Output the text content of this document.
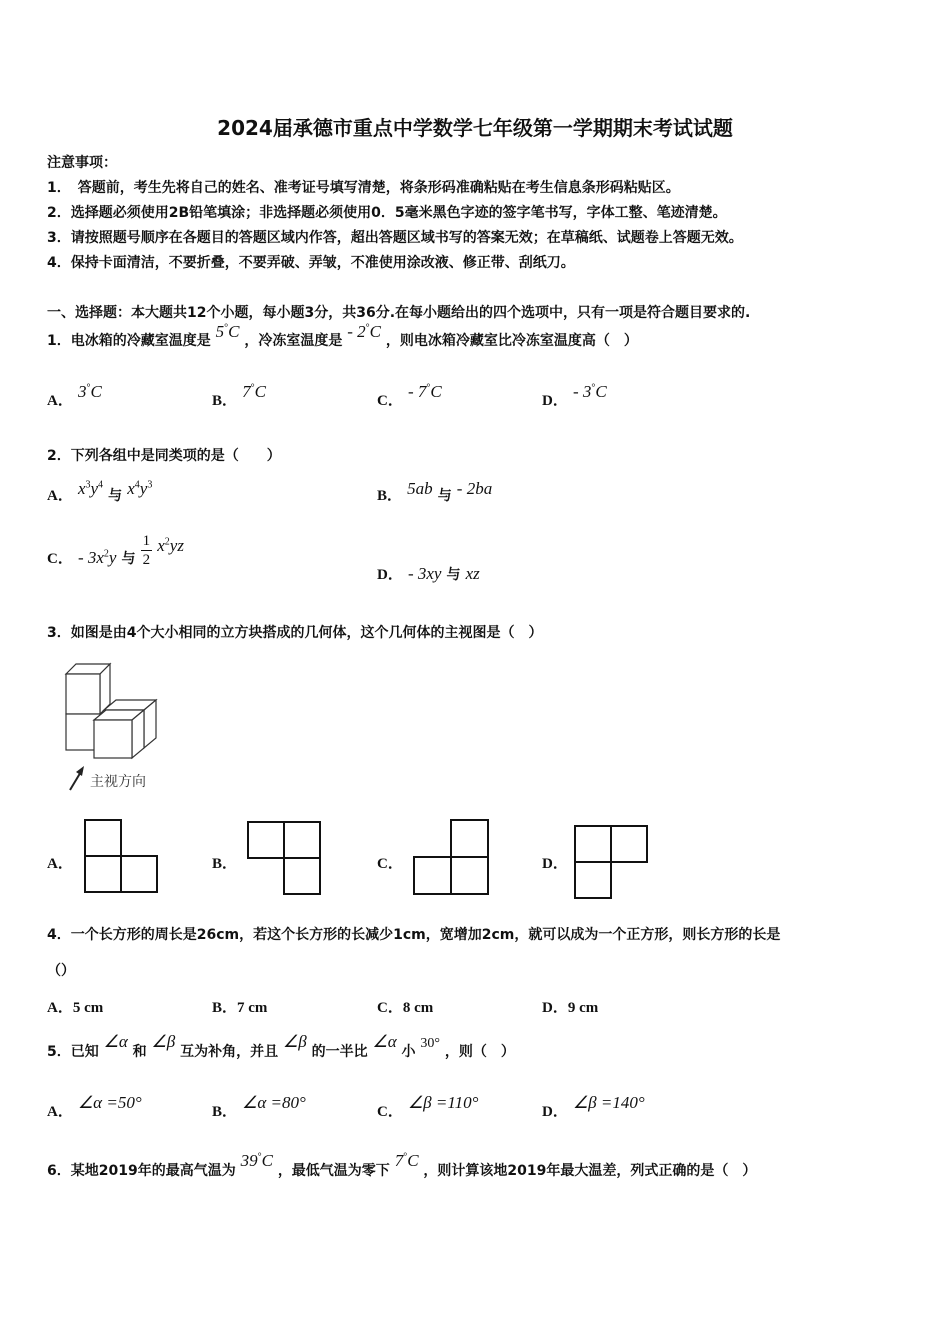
2024届承德市重点中学数学七年级第一学期期末考试试题
注意事项：
1．　答题前，考生先将自己的姓名、准考证号填写清楚，将条形码准确粘贴在考生信息条形码粘贴区。
2．选择题必须使用2B铅笔填涂；非选择题必须使用0．5毫米黑色字迹的签字笔书写，字体工整、笔迹清楚。
3．请按照题号顺序在各题目的答题区域内作答，超出答题区域书写的答案无效；在草稿纸、试题卷上答题无效。
4．保持卡面清洁，不要折叠，不要弄破、弄皱，不准使用涂改液、修正带、刮纸刀。
一、选择题：本大题共12个小题，每小题3分，共36分.在每小题给出的四个选项中，只有一项是符合题目要求的.
1．电冰箱的冷藏室温度是 5°C ，冷冻室温度是 - 2°C ，则电冰箱冷藏室比冷冻室温度高（　）
A． 3°C	B． 7°C	C． - 7°C	D． - 3°C
2．下列各组中是同类项的是（　　）
A． $x^3y^4$ 与 $x^4y^3$
B． 5ab 与 - 2ba
C． - $3x^2y$ 与 $\frac{1}{2} x^2yz$
D． - 3xy 与 xz
3．如图是由4个大小相同的立方块搭成的几何体，这个几何体的主视图是（　）
主视方向
A．	B．	C．	D．
4．一个长方形的周长是26cm，若这个长方形的长减少1cm，宽增加2cm，就可以成为一个正方形，则长方形的长是
（）
A．5 cm	B．7 cm	C．8 cm	D．9 cm
5．已知 ∠α 和 ∠β 互为补角，并且 ∠β 的一半比 ∠α 小 30° ，则（　）
A． ∠α =50°	B． ∠α =80°	C． ∠β =110°	D． ∠β =140°
6．某地2019年的最高气温为 39°C ，最低气温为零下 7°C ，则计算该地2019年最大温差，列式正确的是（　）
